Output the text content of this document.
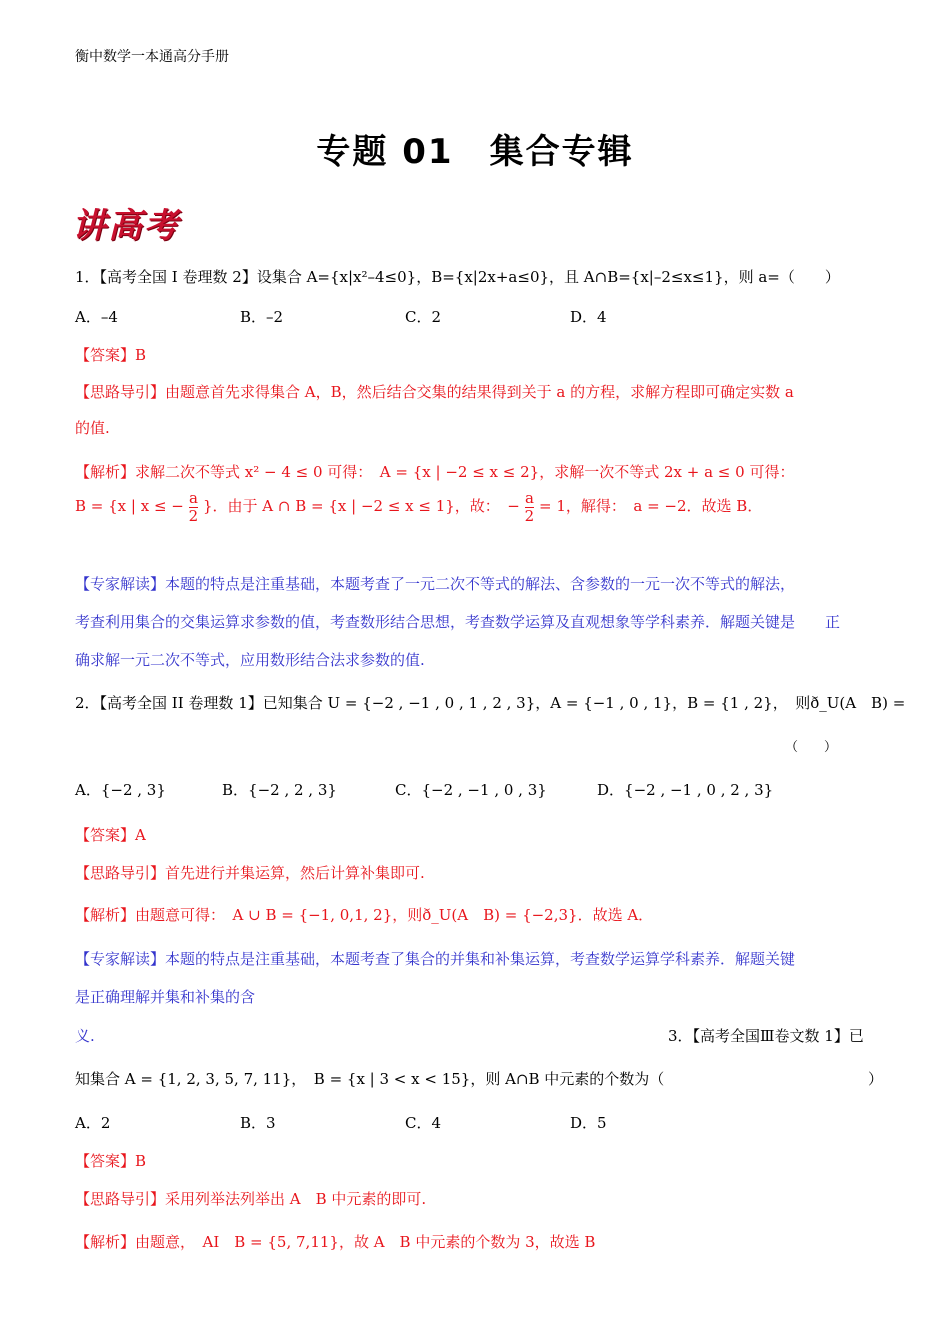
衡中数学一本通高分手册
专题 01　集合专辑
讲高考
1．【高考全国 I 卷理数 2】设集合 A={x|x²–4≤0}，B={x|2x+a≤0}，且 A∩B={x|–2≤x≤1}，则 a=（　　）
A．–4	B．–2	C．2	D．4
【答案】B
【思路导引】由题意首先求得集合 A，B，然后结合交集的结果得到关于 a 的方程，求解方程即可确定实数 a
的值.
【解析】求解二次不等式 x² − 4 ≤ 0 可得：　A = {x | −2 ≤ x ≤ 2}，求解一次不等式 2x + a ≤ 0 可得：
B = {x | x ≤ − $\frac{a}{2}$ }．由于 A ∩ B = {x | −2 ≤ x ≤ 1}，故：　− $\frac{a}{2} = 1$，解得：　a = −2．故选 B．
【专家解读】本题的特点是注重基础，本题考查了一元二次不等式的解法、含参数的一元一次不等式的解法，
考查利用集合的交集运算求参数的值，考查数形结合思想，考查数学运算及直观想象等学科素养．解题关键是　　正
确求解一元二次不等式，应用数形结合法求参数的值.
2．【高考全国 II 卷理数 1】已知集合 U = {−2 , −1 , 0 , 1 , 2 , 3}，A = {−1 , 0 , 1}，B = {1 , 2}，　则ð_U(A　B) =
（　　）
A．{−2 , 3}	B．{−2 , 2 , 3}	C．{−2 , −1 , 0 , 3}	D．{−2 , −1 , 0 , 2 , 3}
【答案】A
【思路导引】首先进行并集运算，然后计算补集即可.
【解析】由题意可得：　A ∪ B = {−1, 0,1, 2}，则ð_U(A　B) = {−2,3}．故选 A．
【专家解读】本题的特点是注重基础，本题考查了集合的并集和补集运算，考查数学运算学科素养．解题关键
是正确理解并集和补集的含
义.	3．【高考全国Ⅲ卷文数 1】已
知集合 A = {1, 2, 3, 5, 7, 11}，　B = {x | 3 < x < 15}，则 A∩B 中元素的个数为（	）
A．2	B．3	C．4	D．5
【答案】B
【思路导引】采用列举法列举出 A　B 中元素的即可.
【解析】由题意，　AI　B = {5, 7,11}，故 A　B 中元素的个数为 3，故选 B
